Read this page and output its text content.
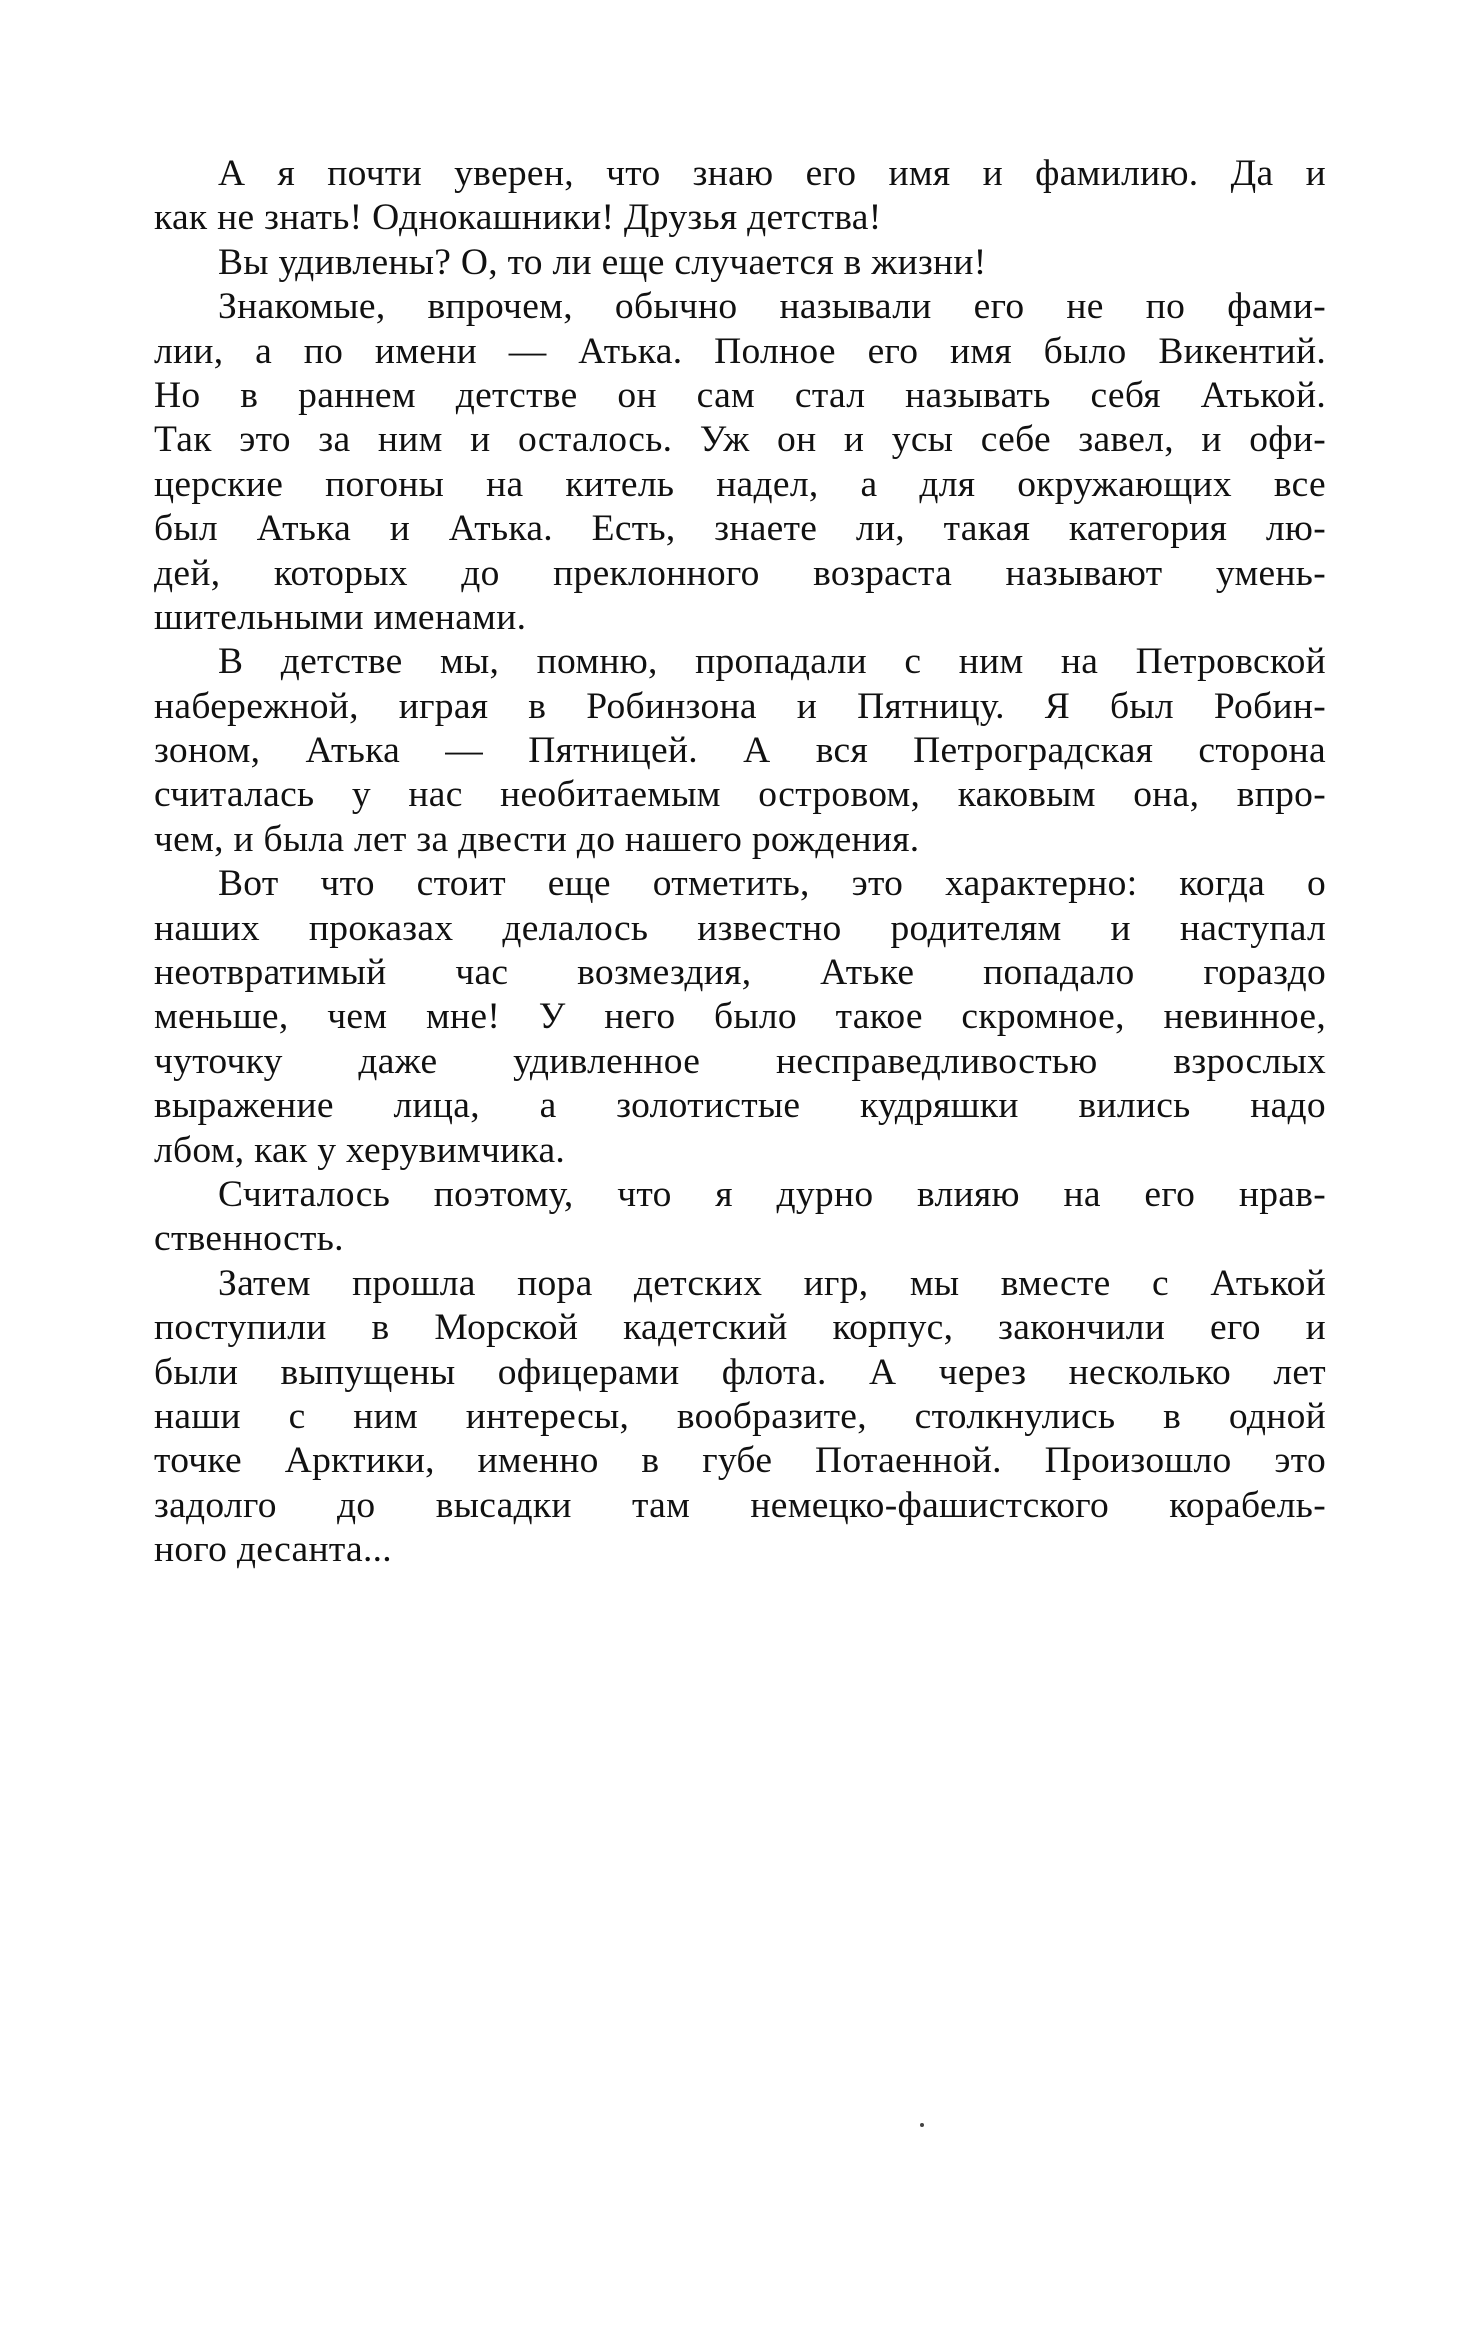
А я почти уверен, что знаю его имя и фамилию. Да и
как не знать! Однокашники! Друзья детства!
Вы удивлены? О, то ли еще случается в жизни!
Знакомые, впрочем, обычно называли его не по фами-
лии, а по имени — Атька. Полное его имя было Викентий.
Но в раннем детстве он сам стал называть себя Атькой.
Так это за ним и осталось. Уж он и усы себе завел, и офи-
церские погоны на китель надел, а для окружающих все
был Атька и Атька. Есть, знаете ли, такая категория лю-
дей, которых до преклонного возраста называют умень-
шительными именами.
В детстве мы, помню, пропадали с ним на Петровской
набережной, играя в Робинзона и Пятницу. Я был Робин-
зоном, Атька — Пятницей. А вся Петроградская сторона
считалась у нас необитаемым островом, каковым она, впро-
чем, и была лет за двести до нашего рождения.
Вот что стоит еще отметить, это характерно: когда о
наших проказах делалось известно родителям и наступал
неотвратимый час возмездия, Атьке попадало гораздо
меньше, чем мне! У него было такое скромное, невинное,
чуточку даже удивленное несправедливостью взрослых
выражение лица, а золотистые кудряшки вились надо
лбом, как у херувимчика.
Считалось поэтому, что я дурно влияю на его нрав-
ственность.
Затем прошла пора детских игр, мы вместе с Атькой
поступили в Морской кадетский корпус, закончили его и
были выпущены офицерами флота. А через несколько лет
наши с ним интересы, вообразите, столкнулись в одной
точке Арктики, именно в губе Потаенной. Произошло это
задолго до высадки там немецко-фашистского корабель-
ного десанта...
